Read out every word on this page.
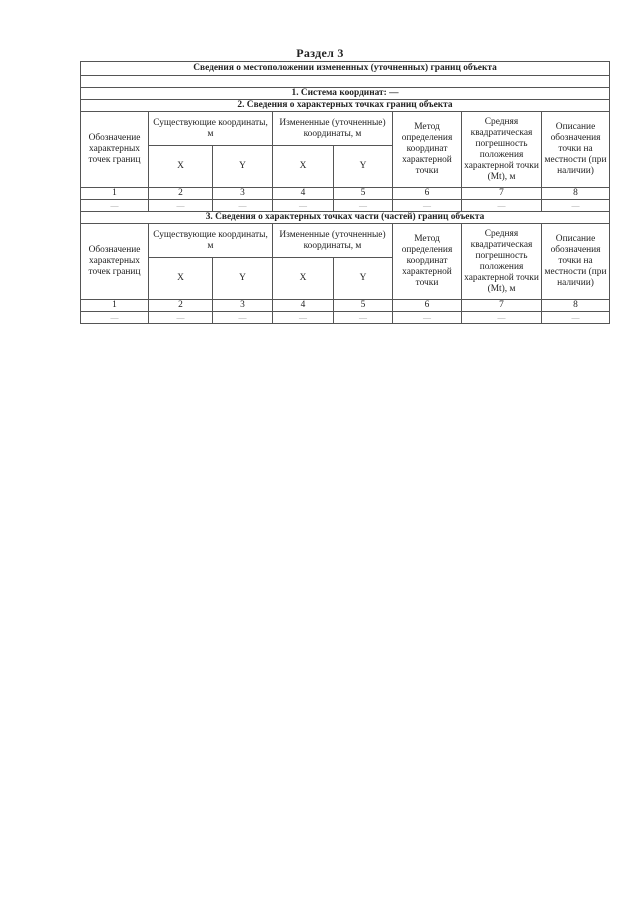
Раздел 3
Сведения о местоположении измененных (уточненных) границ объекта							

1. Система координат: —							
2. Сведения о характерных точках границ объекта							
Обозначение характерных точек границ	Существующие координаты, м		Измененные (уточненные) координаты, м		Метод определения координат характерной точки	Средняя квадратическая погрешность положения характерной точки (Mt), м	Описание обозначения точки на местности (при наличии)
	X	Y	X	Y			
1	2	3	4	5	6	7	8
—	—	—	—	—	—	—	—
3. Сведения о характерных точках части (частей) границ объекта							
Обозначение характерных точек границ	Существующие координаты, м		Измененные (уточненные) координаты, м		Метод определения координат характерной точки	Средняя квадратическая погрешность положения характерной точки (Mt), м	Описание обозначения точки на местности (при наличии)
	X	Y	X	Y			
1	2	3	4	5	6	7	8
—	—	—	—	—	—	—	—
